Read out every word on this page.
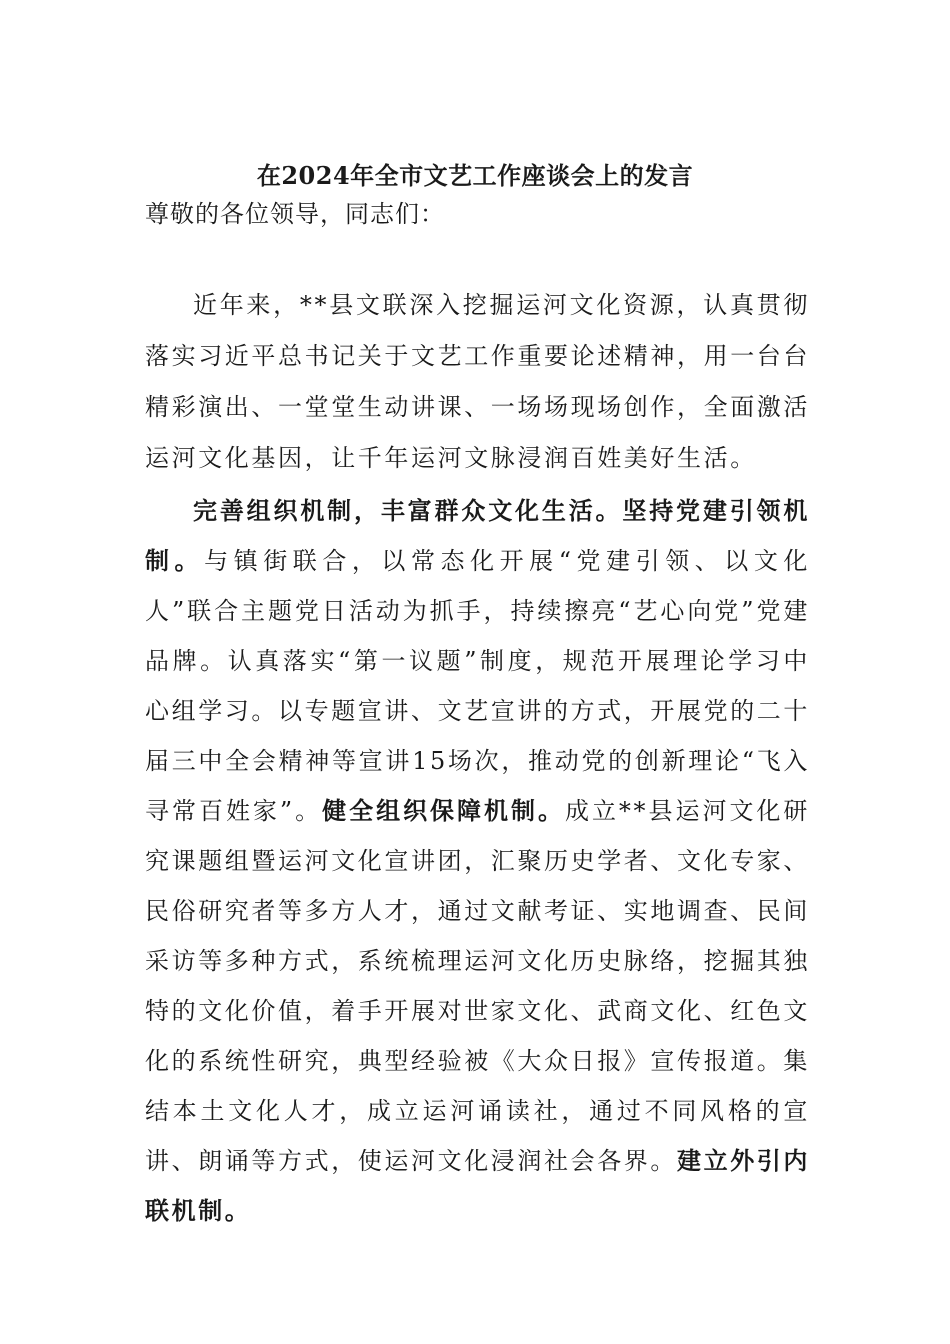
在2024年全市文艺工作座谈会上的发言
尊敬的各位领导，同志们：

近年来，**县文联深入挖掘运河文化资源，认真贯彻落实习近平总书记关于文艺工作重要论述精神，用一台台精彩演出、一堂堂生动讲课、一场场现场创作，全面激活运河文化基因，让千年运河文脉浸润百姓美好生活。

完善组织机制，丰富群众文化生活。坚持党建引领机制。与镇街联合，以常态化开展“党建引领、以文化人”联合主题党日活动为抓手，持续擦亮“艺心向党”党建品牌。认真落实“第一议题”制度，规范开展理论学习中心组学习。以专题宣讲、文艺宣讲的方式，开展党的二十届三中全会精神等宣讲15场次，推动党的创新理论“飞入寻常百姓家”。健全组织保障机制。成立**县运河文化研究课题组暨运河文化宣讲团，汇聚历史学者、文化专家、民俗研究者等多方人才，通过文献考证、实地调查、民间采访等多种方式，系统梳理运河文化历史脉络，挖掘其独特的文化价值，着手开展对世家文化、武商文化、红色文化的系统性研究，典型经验被《大众日报》宣传报道。集结本土文化人才，成立运河诵读社，通过不同风格的宣讲、朗诵等方式，使运河文化浸润社会各界。建立外引内联机制。
